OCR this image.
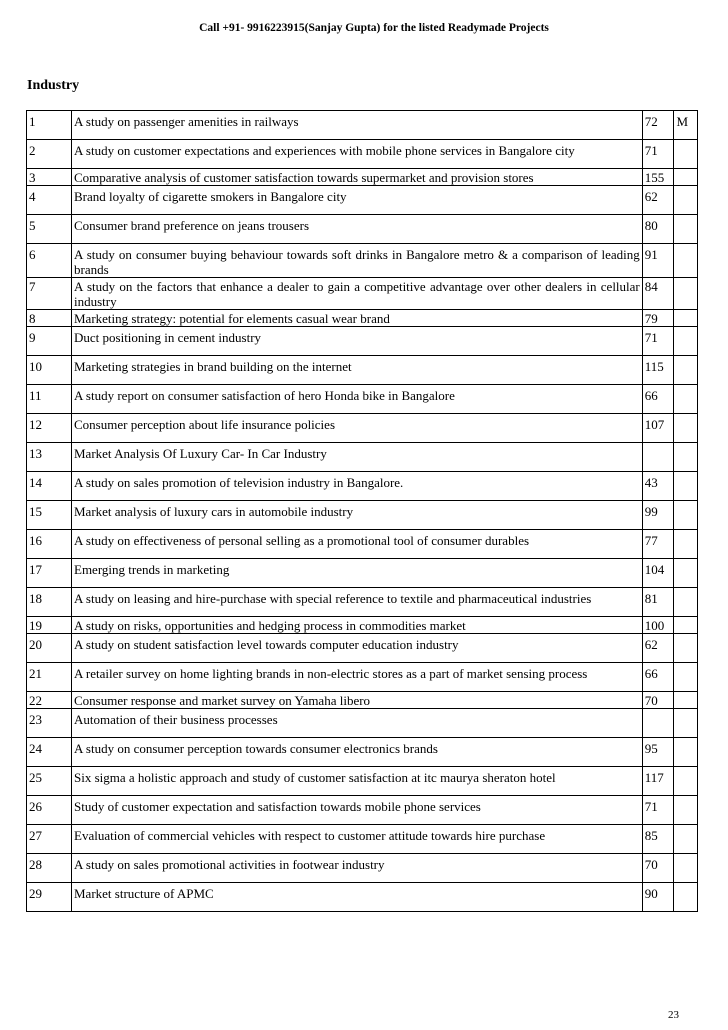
Call +91- 9916223915(Sanjay Gupta) for the listed Readymade Projects
Industry
1	A study on passenger amenities in railways	72	M
2	A study on customer expectations and experiences with mobile phone services in Bangalore city	71	
3	Comparative analysis of customer satisfaction towards supermarket and provision stores	155	
4	Brand loyalty of cigarette smokers in Bangalore city	62	
5	Consumer brand preference on jeans trousers	80	
6	A study on consumer buying behaviour towards soft drinks in Bangalore metro & a comparison of leading brands	91	
7	A study on the factors that enhance a dealer to gain a competitive advantage over other dealers in cellular industry	84	
8	Marketing strategy: potential for elements casual wear brand	79	
9	Duct positioning in cement industry	71	
10	Marketing strategies in brand building on the internet	115	
11	A study report on consumer satisfaction of hero Honda bike in Bangalore	66	
12	Consumer perception about life insurance policies	107	
13	Market Analysis Of Luxury Car- In Car Industry		
14	A study on sales promotion of television industry in Bangalore.	43	
15	Market analysis of luxury cars in automobile industry	99	
16	A study on effectiveness of personal selling as a promotional tool of consumer durables	77	
17	Emerging trends in marketing	104	
18	A study on leasing and hire-purchase with special reference to textile and pharmaceutical industries	81	
19	A study on risks, opportunities and hedging process in commodities market	100	
20	A study on student satisfaction level towards computer education industry	62	
21	A retailer survey on home lighting brands in non-electric stores as a part of market sensing process	66	
22	Consumer response and market survey on Yamaha libero	70	
23	Automation of their business processes		
24	A study on consumer perception towards consumer electronics brands	95	
25	Six sigma a holistic approach and study of customer satisfaction at itc maurya sheraton hotel	117	
26	Study of customer expectation and satisfaction towards mobile phone services	71	
27	Evaluation of commercial vehicles with respect to customer attitude towards hire purchase	85	
28	A study on sales promotional activities in footwear industry	70	
29	Market structure of APMC	90	
23
